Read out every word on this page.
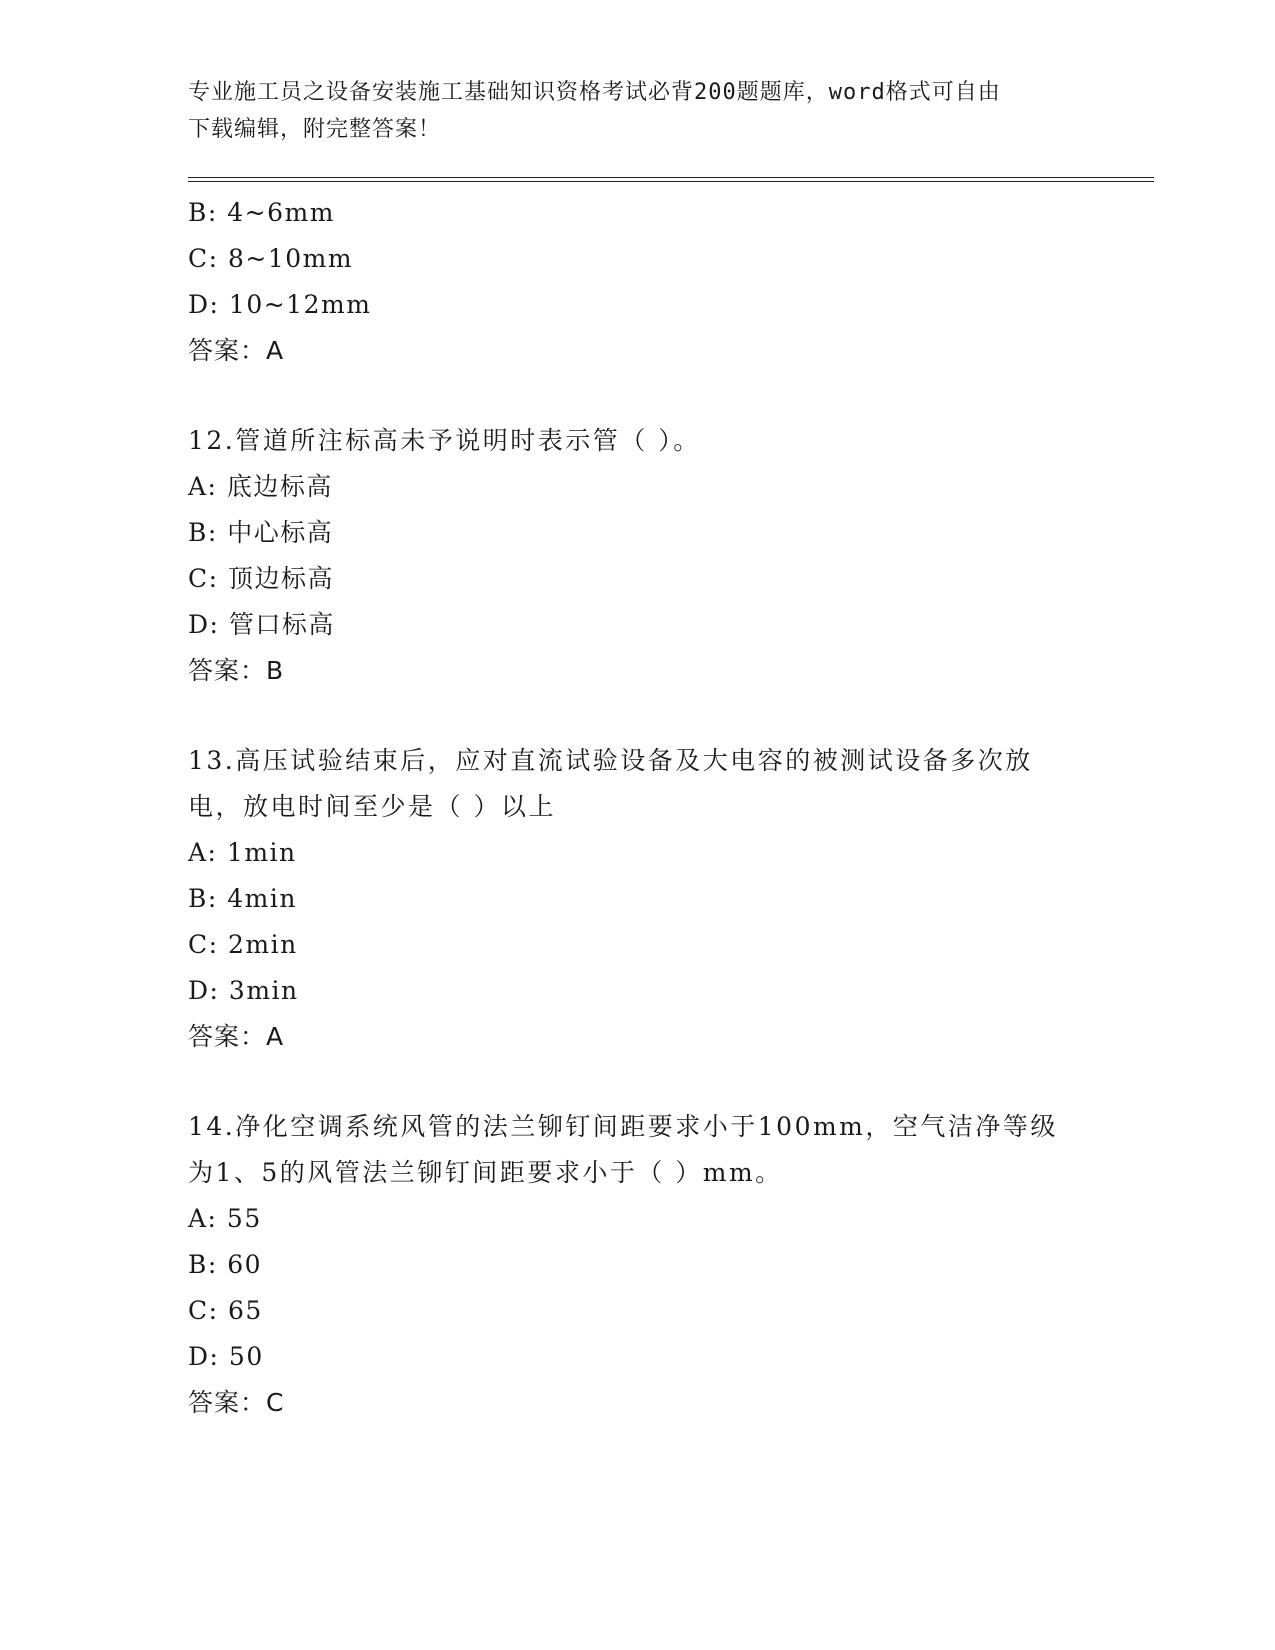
专业施工员之设备安装施工基础知识资格考试必背200题题库，word格式可自由
下载编辑，附完整答案！
B: 4~6mm
C: 8~10mm
D: 10~12mm
答案：A
12.管道所注标高未予说明时表示管（ ）。
A: 底边标高
B: 中心标高
C: 顶边标高
D: 管口标高
答案：B
13.高压试验结束后，应对直流试验设备及大电容的被测试设备多次放
电，放电时间至少是（ ）以上
A: 1min
B: 4min
C: 2min
D: 3min
答案：A
14.净化空调系统风管的法兰铆钉间距要求小于100mm，空气洁净等级
为1、5的风管法兰铆钉间距要求小于（ ）mm。
A: 55
B: 60
C: 65
D: 50
答案：C
